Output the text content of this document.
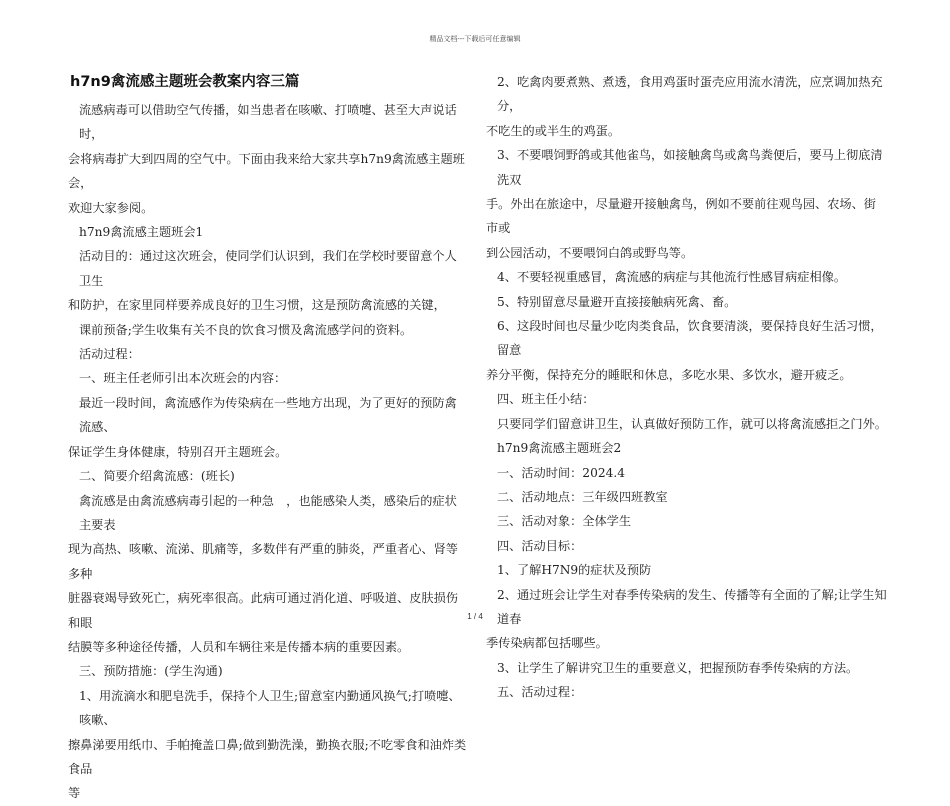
精品文档---下载后可任意编辑
h7n9禽流感主题班会教案内容三篇

流感病毒可以借助空气传播，如当患者在咳嗽、打喷嚏、甚至大声说话时，

会将病毒扩大到四周的空气中。下面由我来给大家共享h7n9禽流感主题班会，

欢迎大家参阅。

h7n9禽流感主题班会1

活动目的：通过这次班会，使同学们认识到，我们在学校时要留意个人卫生

和防护，在家里同样要养成良好的卫生习惯，这是预防禽流感的关键，

课前预备;学生收集有关不良的饮食习惯及禽流感学问的资料。

活动过程：

一、班主任老师引出本次班会的内容：

最近一段时间，禽流感作为传染病在一些地方出现，为了更好的预防禽流感、

保证学生身体健康，特别召开主题班会。

二、简要介绍禽流感：(班长)

禽流感是由禽流感病毒引起的一种急　，也能感染人类，感染后的症状主要表

现为高热、咳嗽、流涕、肌痛等，多数伴有严重的肺炎，严重者心、肾等多种

脏器衰竭导致死亡，病死率很高。此病可通过消化道、呼吸道、皮肤损伤和眼

结膜等多种途径传播，人员和车辆往来是传播本病的重要因素。

三、预防措施：(学生沟通)

1、用流滴水和肥皂洗手，保持个人卫生;留意室内勤通风换气;打喷嚏、咳嗽、

擦鼻涕要用纸巾、手帕掩盖口鼻;做到勤洗澡，勤换衣服;不吃零食和油炸类食品

等

2、吃禽肉要煮熟、煮透，食用鸡蛋时蛋壳应用流水清洗，应烹调加热充分，

不吃生的或半生的鸡蛋。

3、不要喂饲野鸽或其他雀鸟，如接触禽鸟或禽鸟粪便后，要马上彻底清洗双

手。外出在旅途中，尽量避开接触禽鸟，例如不要前往观鸟园、农场、街市或

到公园活动，不要喂饲白鸽或野鸟等。

4、不要轻视重感冒，禽流感的病症与其他流行性感冒病症相像。

5、特别留意尽量避开直接接触病死禽、畜。

6、这段时间也尽量少吃肉类食品，饮食要清淡，要保持良好生活习惯，留意

养分平衡，保持充分的睡眠和休息，多吃水果、多饮水，避开疲乏。

四、班主任小结：

只要同学们留意讲卫生，认真做好预防工作，就可以将禽流感拒之门外。

h7n9禽流感主题班会2

一、活动时间：2024.4

二、活动地点：三年级四班教室

三、活动对象：全体学生

四、活动目标：

1、了解H7N9的症状及预防

2、通过班会让学生对春季传染病的发生、传播等有全面的了解;让学生知道春

季传染病都包括哪些。

3、让学生了解讲究卫生的重要意义，把握预防春季传染病的方法。

五、活动过程：

1 / 4
